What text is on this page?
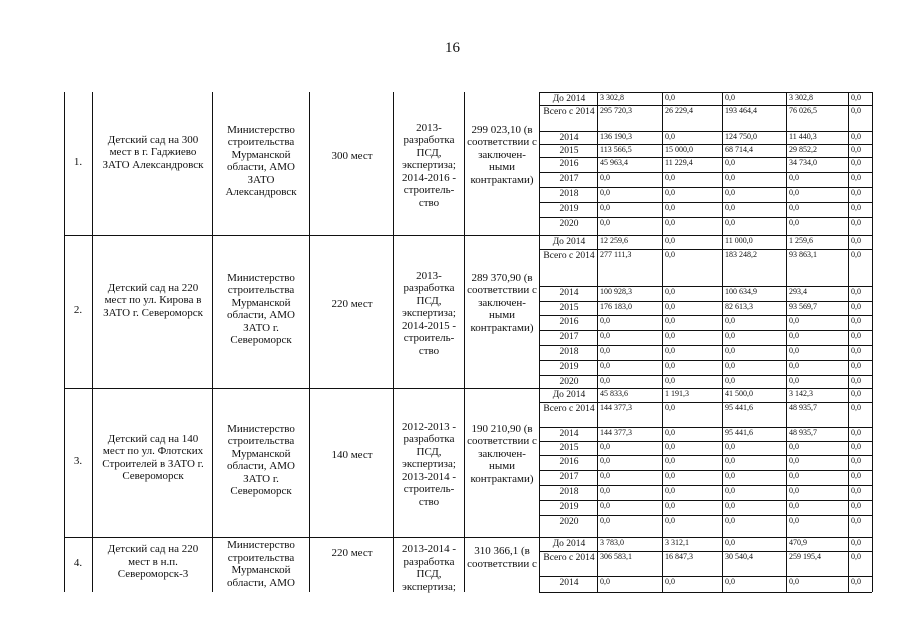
16
1.
Детский сад на 300 мест в г. Гаджиево ЗАТО Александровск
Министерство строительства Мурманской области, АМО ЗАТО Александровск
300 мест
2013-разработка ПСД, экспертиза; 2014-2016 - строитель-ство
299 023,10 (в соответствии с заключен-ными контрактами)
До 2014	3 302,8	0,0	0,0	3 302,8	0,0
Всего с 2014 295 720,3	26 229,4	193 464,4	76 026,5	0,0
2014	136 190,3	0,0	124 750,0	11 440,3	0,0
2015	113 566,5	15 000,0	68 714,4	29 852,2	0,0
2016	45 963,4	11 229,4	0,0	34 734,0	0,0
2017	0,0	0,0	0,0	0,0	0,0
2018	0,0	0,0	0,0	0,0	0,0
2019	0,0	0,0	0,0	0,0	0,0
2020	0,0	0,0	0,0	0,0	0,0
2.
Детский сад на 220 мест по ул. Кирова в ЗАТО г. Североморск
Министерство строительства Мурманской области, АМО ЗАТО г. Североморск
220 мест
2013-разработка ПСД, экспертиза; 2014-2015 - строитель-ство
289 370,90 (в соответствии с заключен-ными контрактами)
До 2014	12 259,6	0,0	11 000,0	1 259,6	0,0
Всего с 2014 277 111,3	0,0	183 248,2	93 863,1	0,0
2014	100 928,3	0,0	100 634,9	293,4	0,0
2015	176 183,0	0,0	82 613,3	93 569,7	0,0
2016	0,0	0,0	0,0	0,0	0,0
2017	0,0	0,0	0,0	0,0	0,0
2018	0,0	0,0	0,0	0,0	0,0
2019	0,0	0,0	0,0	0,0	0,0
2020	0,0	0,0	0,0	0,0	0,0
3.
Детский сад на 140 мест по ул. Флотских Строителей в ЗАТО г. Североморск
Министерство строительства Мурманской области, АМО ЗАТО г. Североморск
140 мест
2012-2013 - разработка ПСД, экспертиза; 2013-2014 - строитель-ство
190 210,90 (в соответствии с заключен-ными контрактами)
До 2014	45 833,6	1 191,3	41 500,0	3 142,3	0,0
Всего с 2014 144 377,3	0,0	95 441,6	48 935,7	0,0
2014	144 377,3	0,0	95 441,6	48 935,7	0,0
2015	0,0	0,0	0,0	0,0	0,0
2016	0,0	0,0	0,0	0,0	0,0
2017	0,0	0,0	0,0	0,0	0,0
2018	0,0	0,0	0,0	0,0	0,0
2019	0,0	0,0	0,0	0,0	0,0
2020	0,0	0,0	0,0	0,0	0,0
4.
Детский сад на 220 мест в н.п. Североморск-3
Министерство строительства Мурманской области, АМО
220 мест	2013-2014 - разработка ПСД, экспертиза;
310 366,1 (в соответствии с
До 2014	3 783,0	3 312,1	0,0	470,9	0,0
Всего с 2014 306 583,1	16 847,3	30 540,4	259 195,4	0,0
2014	0,0	0,0	0,0	0,0	0,0
